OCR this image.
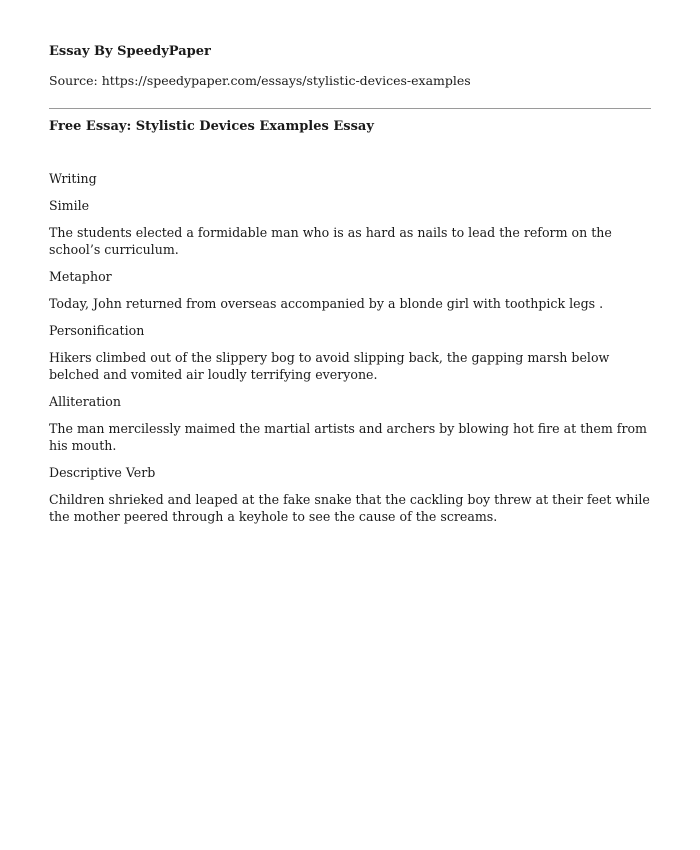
Essay By SpeedyPaper
Source: https://speedypaper.com/essays/stylistic-devices-examples
Free Essay: Stylistic Devices Examples Essay

Writing

Simile

The students elected a formidable man who is as hard as nails to lead the reform on the school’s curriculum.

Metaphor

Today, John returned from overseas accompanied by a blonde girl with toothpick legs .

Personification

Hikers climbed out of the slippery bog to avoid slipping back, the gapping marsh below belched and vomited air loudly terrifying everyone.

Alliteration

The man mercilessly maimed the martial artists and archers by blowing hot fire at them from his mouth.

Descriptive Verb

Children shrieked and leaped at the fake snake that the cackling boy threw at their feet while the mother peered through a keyhole to see the cause of the screams.
